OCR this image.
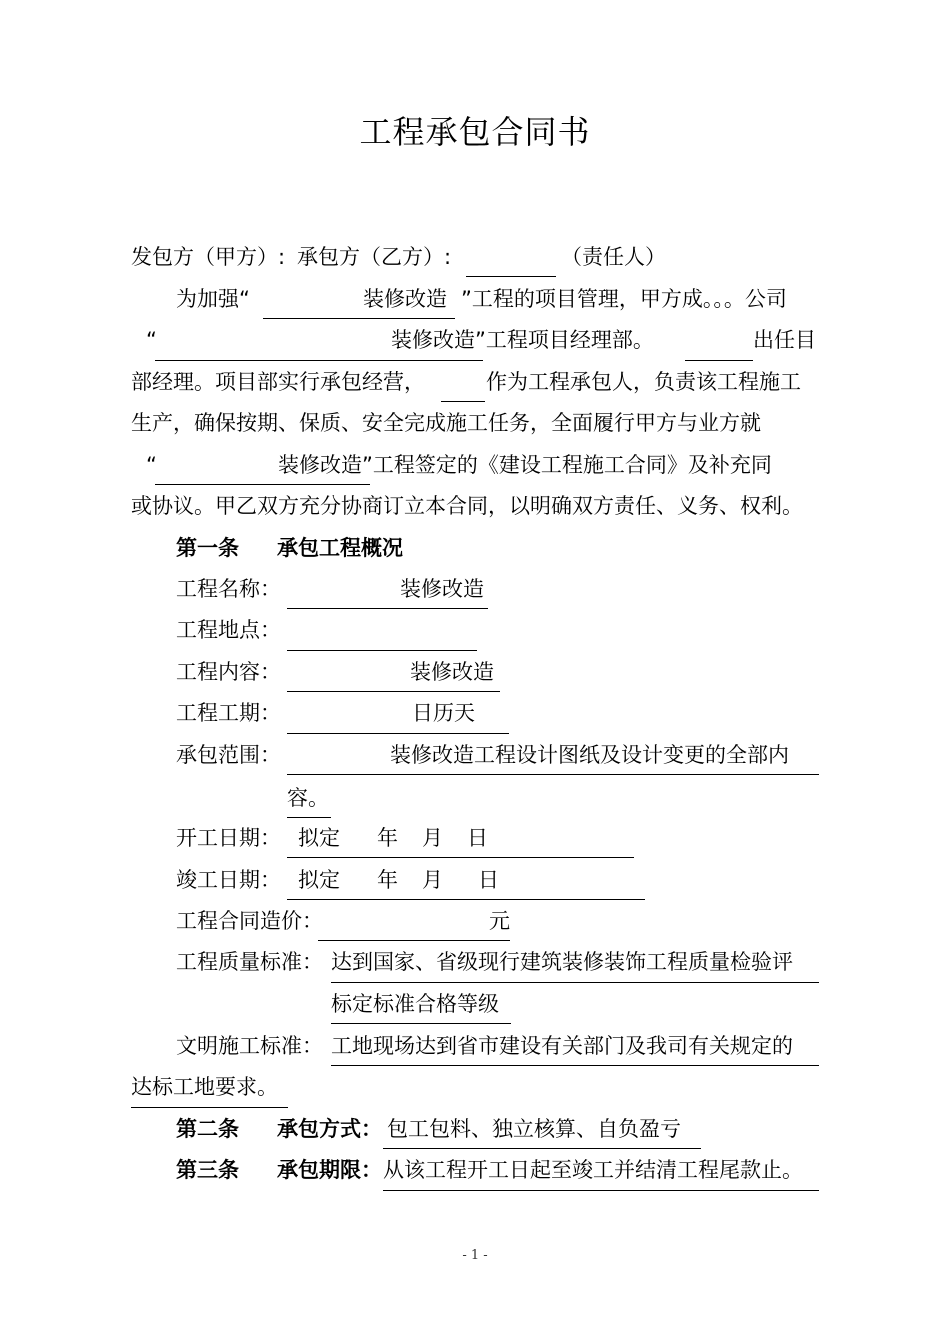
工程承包合同书
发包方（甲方）: 承包方（乙方）:	（责任人）
为加强“	装修改造 ”工程的项目管理，甲方成。。。公司
“	装修改造”工程项目经理部。	出任目
部经理。项目部实行承包经营，	作为工程承包人，负责该工程施工
生产，确保按期、保质、安全完成施工任务，全面履行甲方与业方就
“	装修改造”工程签定的《建设工程施工合同》及补充同
或协议。甲乙双方充分协商订立本合同，以明确双方责任、义务、权利。
第一条 承包工程概况
工程名称：	装修改造
工程地点：
工程内容：	装修改造
工程工期：	日历天
承包范围：	装修改造工程设计图纸及设计变更的全部内
容。
开工日期： 拟定 年 月 日
竣工日期： 拟定 年 月 日
工程合同造价：	元
工程质量标准： 达到国家、省级现行建筑装修装饰工程质量检验评
标定标准合格等级
文明施工标准： 工地现场达到省市建设有关部门及我司有关规定的
达标工地要求。
第二条 承包方式： 包工包料、独立核算、自负盈亏
第三条 承包期限： 从该工程开工日起至竣工并结清工程尾款止。
- 1 -
